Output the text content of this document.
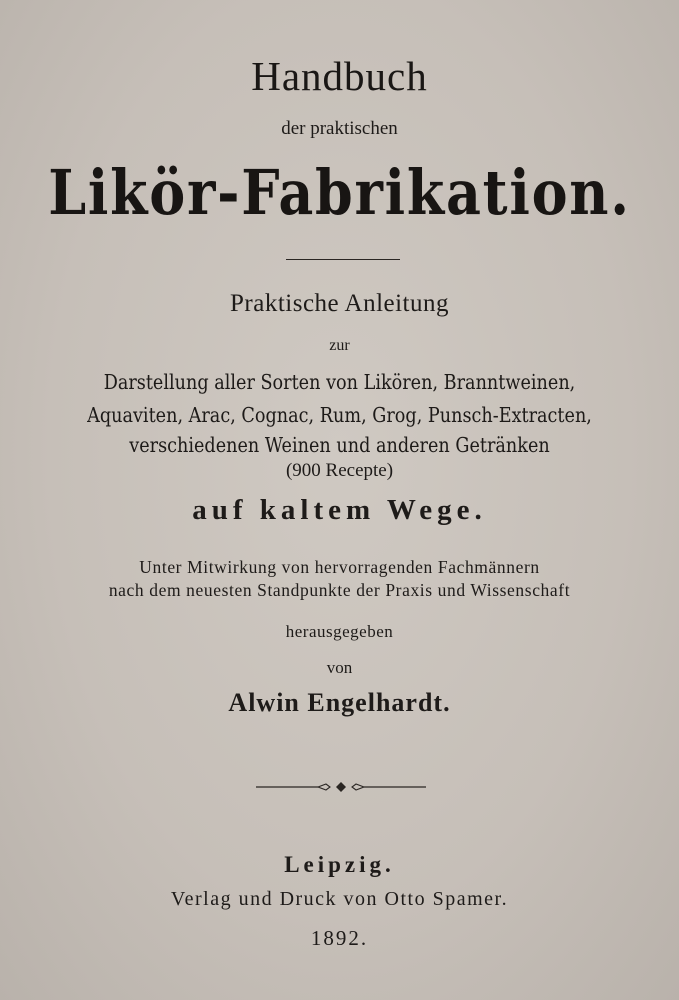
Handbuch
der praktischen
Likör-Fabrikation.
Praktische Anleitung
zur
Darstellung aller Sorten von Likören, Branntweinen,
Aquaviten, Arac, Cognac, Rum, Grog, Punsch-Extracten,
verschiedenen Weinen und anderen Getränken
(900 Recepte)
auf kaltem Wege.
Unter Mitwirkung von hervorragenden Fachmännern
nach dem neuesten Standpunkte der Praxis und Wissenschaft
herausgegeben
von
Alwin Engelhardt.
Leipzig.
Verlag und Druck von Otto Spamer.
1892.
